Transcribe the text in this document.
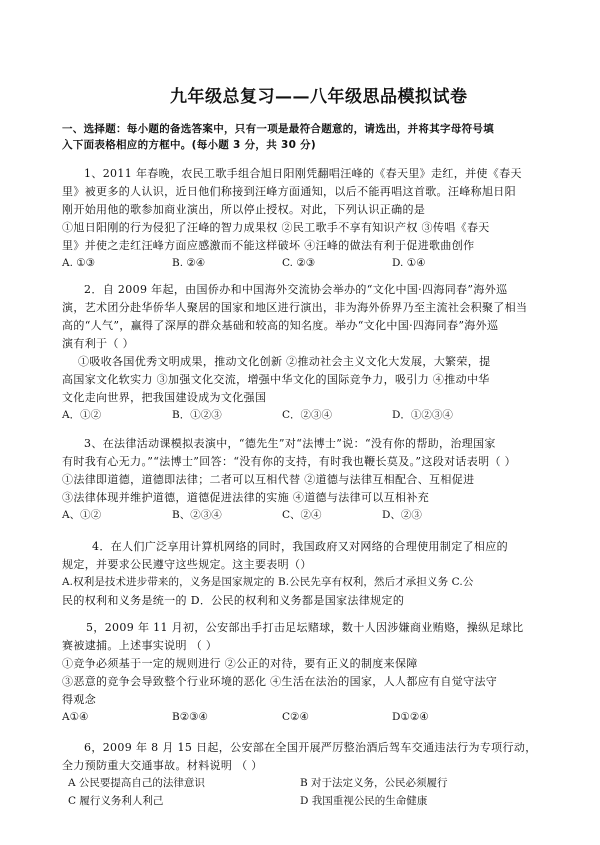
九年级总复习——八年级思品模拟试卷
一、选择题：每小题的备选答案中，只有一项是最符合题意的，请选出，并将其字母符号填
入下面表格相应的方框中。(每小题 3 分，共 30 分)
1、2011 年春晚，农民工歌手组合旭日阳刚凭翻唱汪峰的《春天里》走红，并使《春天
里》被更多的人认识，近日他们称接到汪峰方面通知，以后不能再唱这首歌。汪峰称旭日阳
刚开始用他的歌参加商业演出，所以停止授权。对此，下列认识正确的是
①旭日阳刚的行为侵犯了汪峰的智力成果权 ②民工歌手不享有知识产权 ③传唱《春天
里》并使之走红汪峰方面应感激而不能这样破坏 ④汪峰的做法有利于促进歌曲创作
A. ①③	B. ②④	C. ②③	D. ①④
2．自 2009 年起，由国侨办和中国海外交流协会举办的“文化中国·四海同春”海外巡
演，艺术团分赴华侨华人聚居的国家和地区进行演出，非为海外侨界乃至主流社会积聚了相当
高的“人气”，赢得了深厚的群众基础和较高的知名度。举办“文化中国·四海同春”海外巡
演有利于（ ）
①吸收各国优秀文明成果，推动文化创新 ②推动社会主义文化大发展，大繁荣，提
高国家文化软实力 ③加强文化交流，增强中华文化的国际竞争力，吸引力 ④推动中华
文化走向世界，把我国建设成为文化强国
A．①②	B．①②③	C．②③④	D．①②③④
3、在法律活动课模拟表演中，“德先生”对“法博士”说：“没有你的帮助，治理国家
有时我有心无力。”“法博士”回答：“没有你的支持，有时我也鞭长莫及。”这段对话表明（ ）
①法律即道德，道德即法律；二者可以互相代替 ②道德与法律互相配合、互相促进
③法律体现并维护道德，道德促进法律的实施 ④道德与法律可以互相补充
A、①②	B、②③④	C、②④	D、②③
4．在人们广泛享用计算机网络的同时，我国政府又对网络的合理使用制定了相应的
规定，并要求公民遵守这些规定。这主要表明（）
A.权利是技术进步带来的，义务是国家规定的 B.公民先享有权利，然后才承担义务 C.公
民的权利和义务是统一的 D．公民的权利和义务都是国家法律规定的
5，2009 年 11 月初，公安部出手打击足坛赌球，数十人因涉嫌商业贿赂，操纵足球比
赛被逮捕。上述事实说明 （ ）
①竞争必须基于一定的规则进行 ②公正的对待，要有正义的制度来保障
③恶意的竞争会导致整个行业环境的恶化 ④生活在法治的国家，人人都应有自觉守法守
得观念
A①④	B②③④	C②④	D①②④
6，2009 年 8 月 15 日起，公安部在全国开展严厉整治酒后驾车交通违法行为专项行动，
全力预防重大交通事故。材料说明 （ ）
A 公民要提高自己的法律意识	B 对于法定义务，公民必须履行
C 履行义务利人利己	D 我国重视公民的生命健康
